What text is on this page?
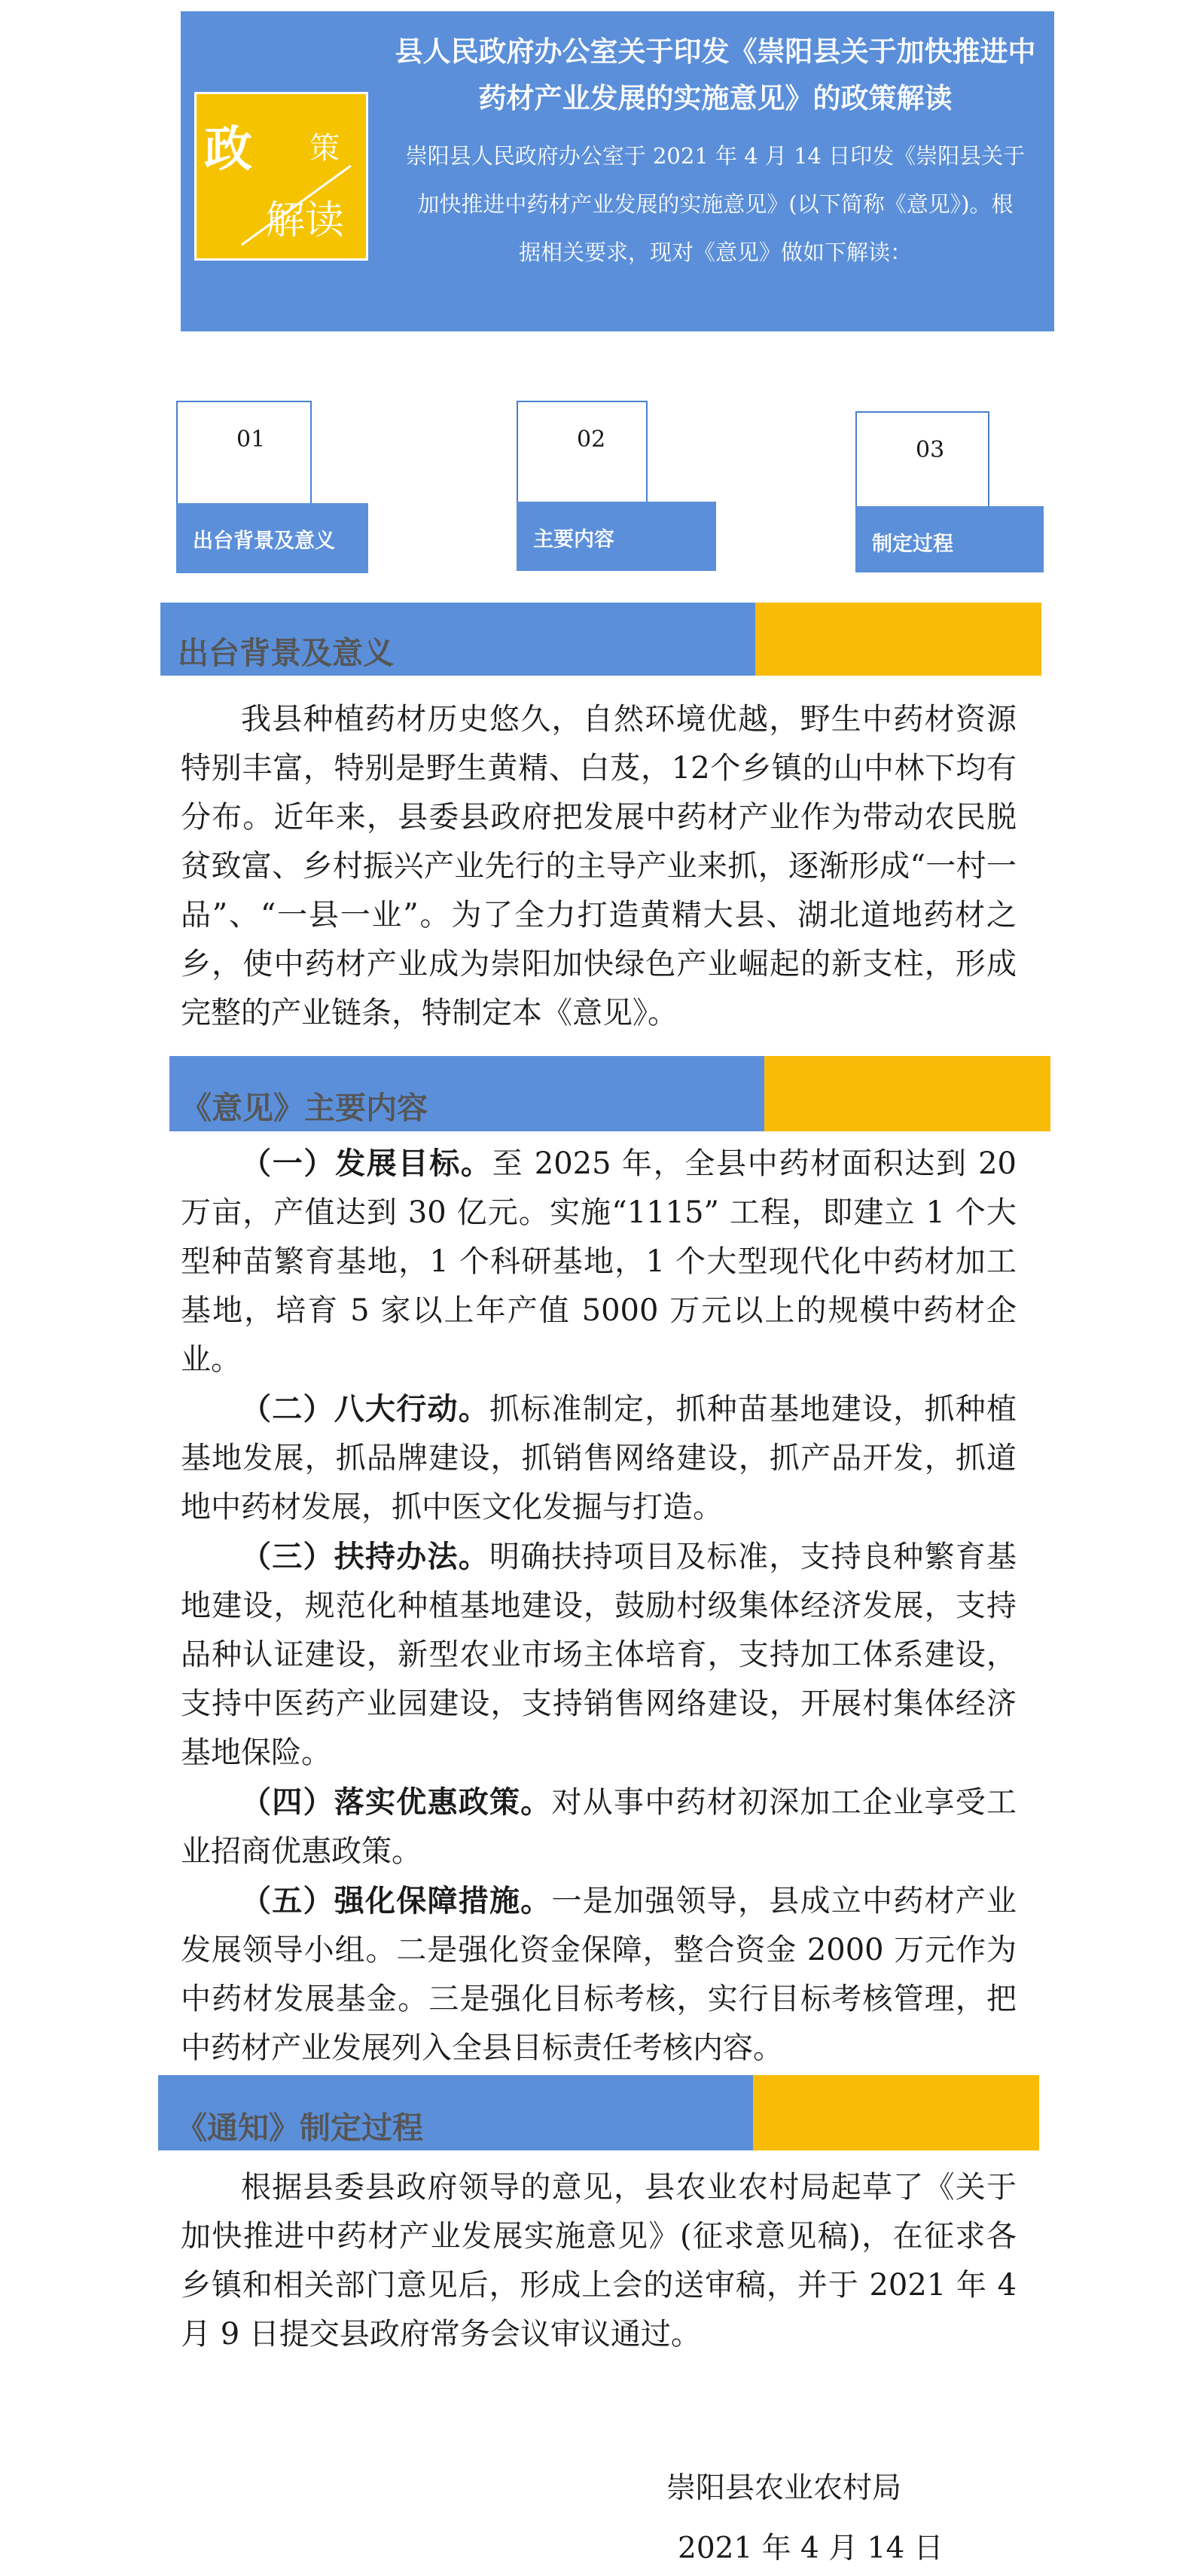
政 策
解读
县人民政府办公室关于印发《崇阳县关于加快推进中
药材产业发展的实施意见》的政策解读
崇阳县人民政府办公室于 2021 年 4 月 14 日印发《崇阳县关于
加快推进中药材产业发展的实施意见》(以下简称《意见》)。根
据相关要求，现对《意见》做如下解读：
01
出台背景及意义
02
主要内容
03
制定过程
出台背景及意义

我县种植药材历史悠久，自然环境优越，野生中药材资源特别丰富，特别是野生黄精、白芨，12个乡镇的山中林下均有分布。近年来，县委县政府把发展中药材产业作为带动农民脱贫致富、乡村振兴产业先行的主导产业来抓，逐渐形成“一村一品”、“一县一业”。为了全力打造黄精大县、湖北道地药材之乡，使中药材产业成为崇阳加快绿色产业崛起的新支柱，形成完整的产业链条，特制定本《意见》。

《意见》主要内容

（一）发展目标。至 2025 年，全县中药材面积达到 20 万亩，产值达到 30 亿元。实施“1115” 工程，即建立 1 个大型种苗繁育基地，1 个科研基地，1 个大型现代化中药材加工基地，培育 5 家以上年产值 5000 万元以上的规模中药材企业。

（二）八大行动。抓标准制定，抓种苗基地建设，抓种植基地发展，抓品牌建设，抓销售网络建设，抓产品开发，抓道地中药材发展，抓中医文化发掘与打造。

（三）扶持办法。明确扶持项目及标准，支持良种繁育基地建设，规范化种植基地建设，鼓励村级集体经济发展，支持品种认证建设，新型农业市场主体培育，支持加工体系建设，支持中医药产业园建设，支持销售网络建设，开展村集体经济基地保险。

（四）落实优惠政策。对从事中药材初深加工企业享受工业招商优惠政策。

（五）强化保障措施。一是加强领导，县成立中药材产业发展领导小组。二是强化资金保障，整合资金 2000 万元作为中药材发展基金。三是强化目标考核，实行目标考核管理，把中药材产业发展列入全县目标责任考核内容。

《通知》制定过程

根据县委县政府领导的意见，县农业农村局起草了《关于加快推进中药材产业发展实施意见》(征求意见稿)，在征求各乡镇和相关部门意见后，形成上会的送审稿，并于 2021 年 4 月 9 日提交县政府常务会议审议通过。

崇阳县农业农村局
2021 年 4 月 14 日
